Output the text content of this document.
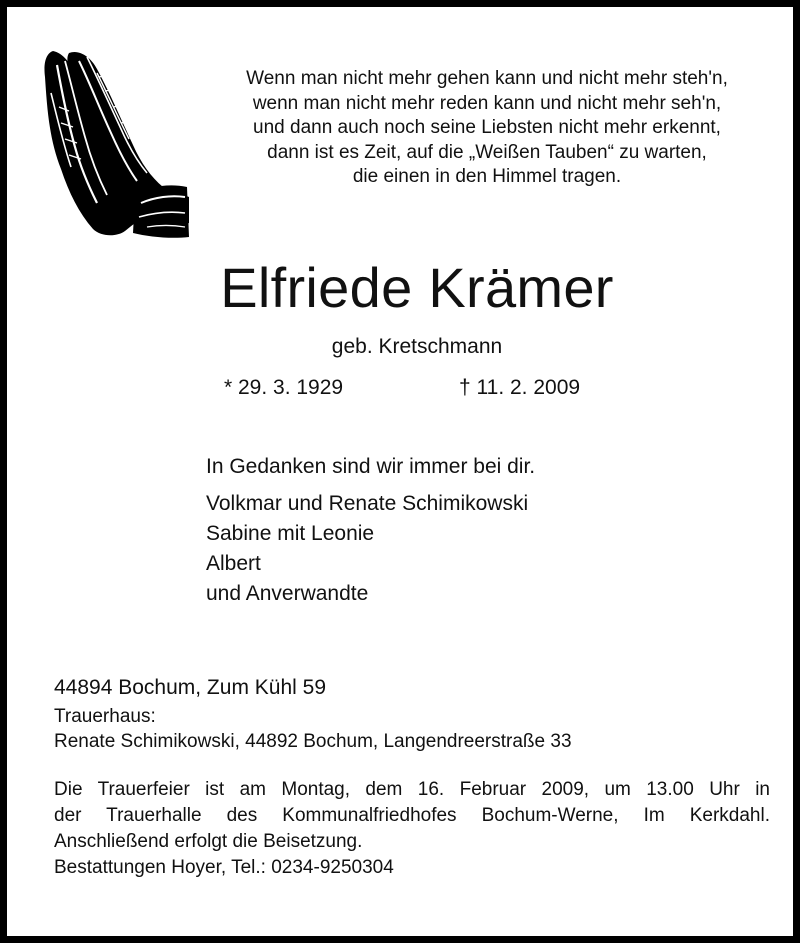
Wenn man nicht mehr gehen kann und nicht mehr steh'n,
wenn man nicht mehr reden kann und nicht mehr seh'n,
und dann auch noch seine Liebsten nicht mehr erkennt,
dann ist es Zeit, auf die „Weißen Tauben“ zu warten,
die einen in den Himmel tragen.
Elfriede Krämer
geb. Kretschmann
* 29. 3. 1929	† 11. 2. 2009
In Gedanken sind wir immer bei dir.
Volkmar und Renate Schimikowski
Sabine mit Leonie
Albert
und Anverwandte
44894 Bochum, Zum Kühl 59
Trauerhaus:
Renate Schimikowski, 44892 Bochum, Langendreerstraße 33
Die Trauerfeier ist am Montag, dem 16. Februar 2009, um 13.00 Uhr in
der Trauerhalle des Kommunalfriedhofes Bochum-Werne, Im Kerkdahl.
Anschließend erfolgt die Beisetzung.
Bestattungen Hoyer, Tel.: 0234-9250304
